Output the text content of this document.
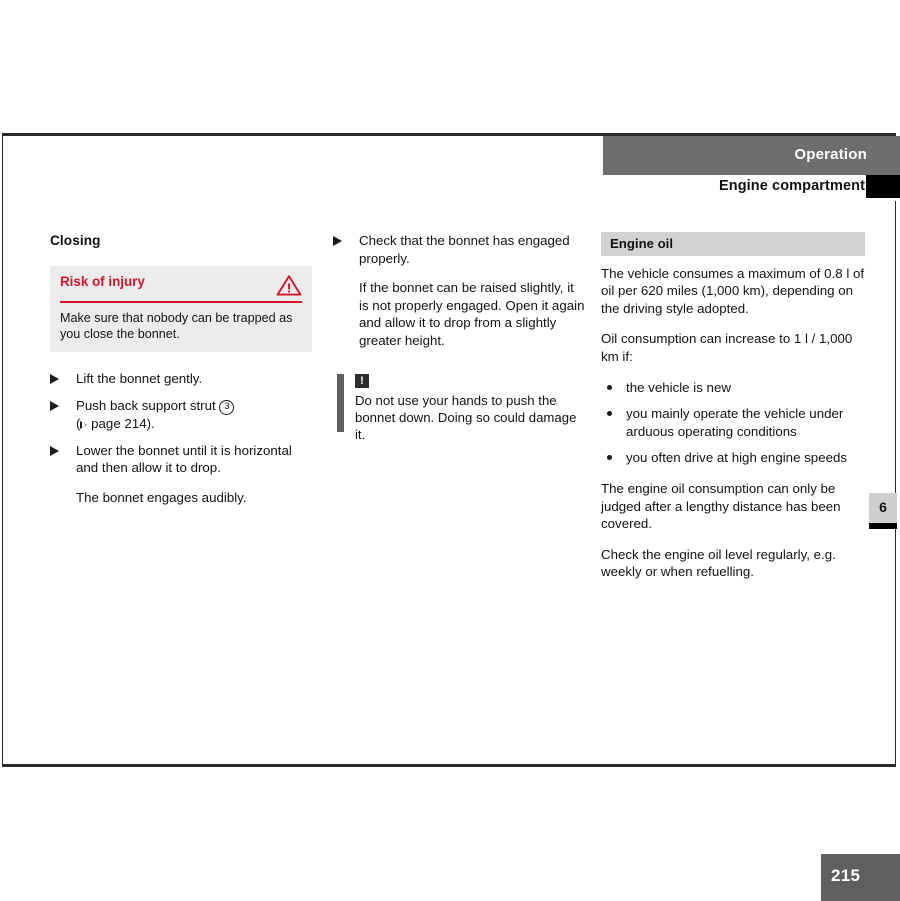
Operation
Engine compartment
Closing
Risk of injury
Make sure that nobody can be trapped as you close the bonnet.
Lift the bonnet gently.
Push back support strut 3
( page 214).
Lower the bonnet until it is horizontal and then allow it to drop.
The bonnet engages audibly.
Check that the bonnet has engaged properly.
If the bonnet can be raised slightly, it is not properly engaged. Open it again and allow it to drop from a slightly greater height.
!
Do not use your hands to push the bonnet down. Doing so could damage it.
Engine oil

The vehicle consumes a maximum of 0.8 l of oil per 620 miles (1,000 km), depending on the driving style adopted.

Oil consumption can increase to 1 l / 1,000 km if:

the vehicle is new
you mainly operate the vehicle under arduous operating conditions
you often drive at high engine speeds

The engine oil consumption can only be judged after a lengthy distance has been covered.

Check the engine oil level regularly, e.g. weekly or when refuelling.

6
215
